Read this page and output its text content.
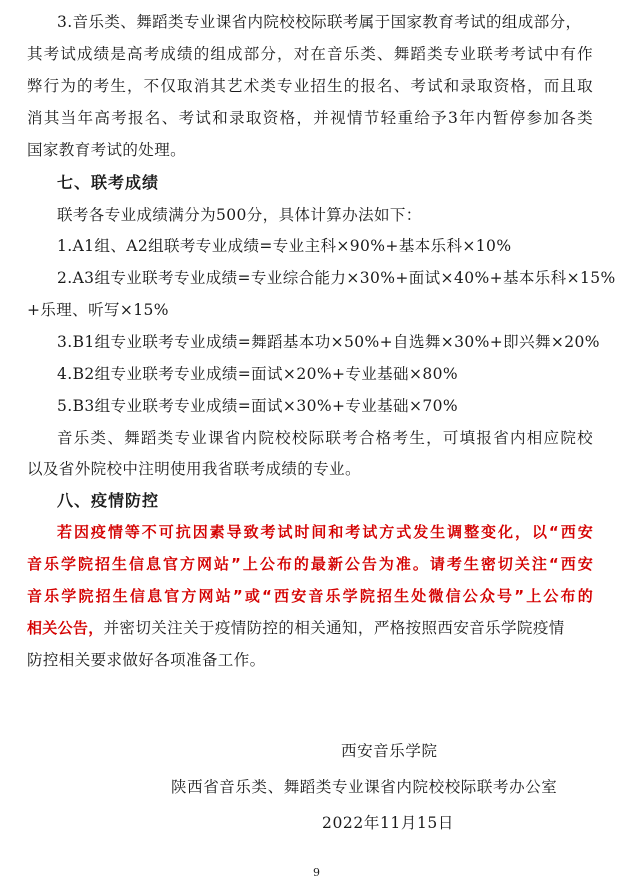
3.音乐类、舞蹈类专业课省内院校校际联考属于国家教育考试的组成部分，
其考试成绩是高考成绩的组成部分，对在音乐类、舞蹈类专业联考考试中有作
弊行为的考生，不仅取消其艺术类专业招生的报名、考试和录取资格，而且取
消其当年高考报名、考试和录取资格，并视情节轻重给予3年内暂停参加各类
国家教育考试的处理。
七、联考成绩
联考各专业成绩满分为500分，具体计算办法如下：
1.A1组、A2组联考专业成绩=专业主科×90%+基本乐科×10%
2.A3组专业联考专业成绩=专业综合能力×30%+面试×40%+基本乐科×15%
+乐理、听写×15%
3.B1组专业联考专业成绩=舞蹈基本功×50%+自选舞×30%+即兴舞×20%
4.B2组专业联考专业成绩=面试×20%+专业基础×80%
5.B3组专业联考专业成绩=面试×30%+专业基础×70%
音乐类、舞蹈类专业课省内院校校际联考合格考生，可填报省内相应院校
以及省外院校中注明使用我省联考成绩的专业。
八、疫情防控
若因疫情等不可抗因素导致考试时间和考试方式发生调整变化，以“西安
音乐学院招生信息官方网站”上公布的最新公告为准。请考生密切关注“西安
音乐学院招生信息官方网站”或“西安音乐学院招生处微信公众号”上公布的
相关公告，并密切关注关于疫情防控的相关通知，严格按照西安音乐学院疫情
防控相关要求做好各项准备工作。
西安音乐学院
陕西省音乐类、舞蹈类专业课省内院校校际联考办公室
2022年11月15日
9
